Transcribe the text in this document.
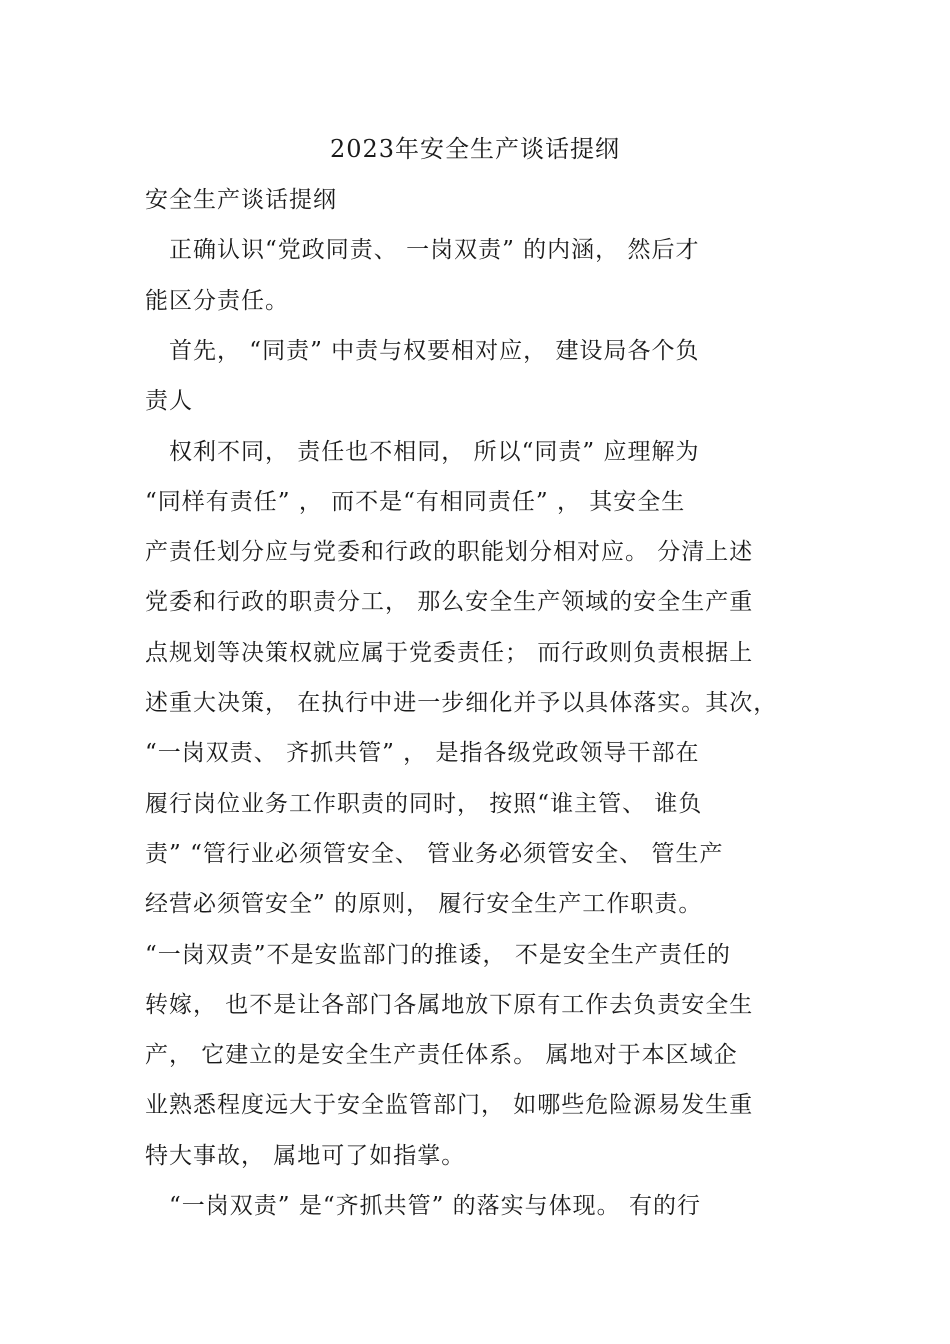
2023年安全生产谈话提纲
安全生产谈话提纲
　正确认识“党政同责、 一岗双责” 的内涵， 然后才
能区分责任。
　首先， “同责” 中责与权要相对应， 建设局各个负
责人
　权利不同， 责任也不相同， 所以“同责” 应理解为
“同样有责任” ， 而不是“有相同责任” ， 其安全生
产责任划分应与党委和行政的职能划分相对应。 分清上述
党委和行政的职责分工， 那么安全生产领域的安全生产重
点规划等决策权就应属于党委责任； 而行政则负责根据上
述重大决策， 在执行中进一步细化并予以具体落实。其次，
“一岗双责、 齐抓共管” ， 是指各级党政领导干部在
履行岗位业务工作职责的同时， 按照“谁主管、 谁负
责” “管行业必须管安全、 管业务必须管安全、 管生产
经营必须管安全” 的原则， 履行安全生产工作职责。
“一岗双责”不是安监部门的推诿， 不是安全生产责任的
转嫁， 也不是让各部门各属地放下原有工作去负责安全生
产， 它建立的是安全生产责任体系。 属地对于本区域企
业熟悉程度远大于安全监管部门， 如哪些危险源易发生重
特大事故， 属地可了如指掌。
　“一岗双责” 是“齐抓共管” 的落实与体现。 有的行
